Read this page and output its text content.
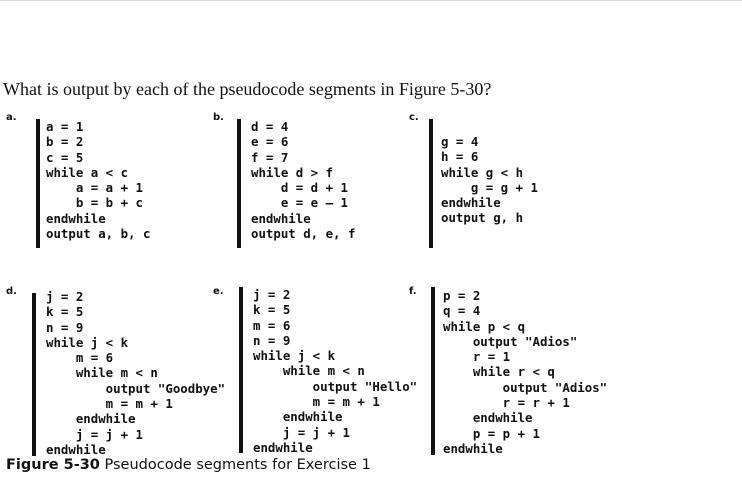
What is output by each of the pseudocode segments in Figure 5-30?
a.
a = 1
b = 2
c = 5
while a < c
a = a + 1
b = b + c
endwhile
output a, b, c
b.
d = 4
e = 6
f = 7
while d > f
d = d + 1
e = e – 1
endwhile
output d, e, f
c.
g = 4
h = 6
while g < h
g = g + 1
endwhile
output g, h
d. j = 2
k = 5
n = 9
while j < k
m = 6
while m < n
output "Goodbye"
m = m + 1
endwhile
j = j + 1
endwhile
e. j = 2
k = 5
m = 6
n = 9
while j < k
while m < n
output "Hello"
m = m + 1
endwhile
j = j + 1
endwhile
f. p = 2
q = 4
while p < q
output "Adios"
r = 1
while r < q
output "Adios"
r = r + 1
endwhile
p = p + 1
endwhile
Figure 5-30 Pseudocode segments for Exercise 1
